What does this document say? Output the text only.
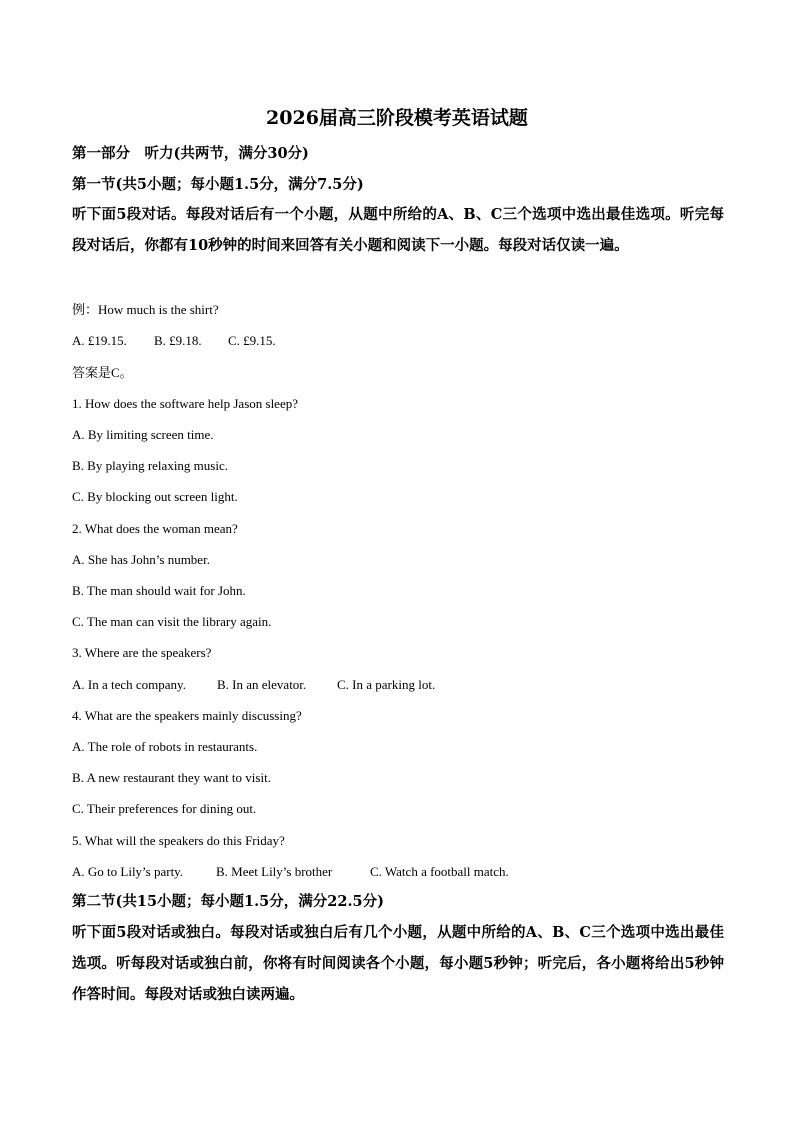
2026届高三阶段模考英语试题
第一部分　听力(共两节，满分30分)
第一节(共5小题；每小题1.5分，满分7.5分)
听下面5段对话。每段对话后有一个小题，从题中所给的A、B、C三个选项中选出最佳选项。听完每段对话后，你都有10秒钟的时间来回答有关小题和阅读下一小题。每段对话仅读一遍。
例：How much is the shirt?
A. £19.15. B. £9.18. C. £9.15.
答案是C。
1. How does the software help Jason sleep?
A. By limiting screen time.
B. By playing relaxing music.
C. By blocking out screen light.
2. What does the woman mean?
A. She has John’s number.
B. The man should wait for John.
C. The man can visit the library again.
3. Where are the speakers?
A. In a tech company. B. In an elevator. C. In a parking lot.
4. What are the speakers mainly discussing?
A. The role of robots in restaurants.
B. A new restaurant they want to visit.
C. Their preferences for dining out.
5. What will the speakers do this Friday?
A. Go to Lily’s party.	B. Meet Lily’s brother	C. Watch a football match.
第二节(共15小题；每小题1.5分，满分22.5分)
听下面5段对话或独白。每段对话或独白后有几个小题，从题中所给的A、B、C三个选项中选出最佳选项。听每段对话或独白前，你将有时间阅读各个小题，每小题5秒钟；听完后，各小题将给出5秒钟作答时间。每段对话或独白读两遍。
